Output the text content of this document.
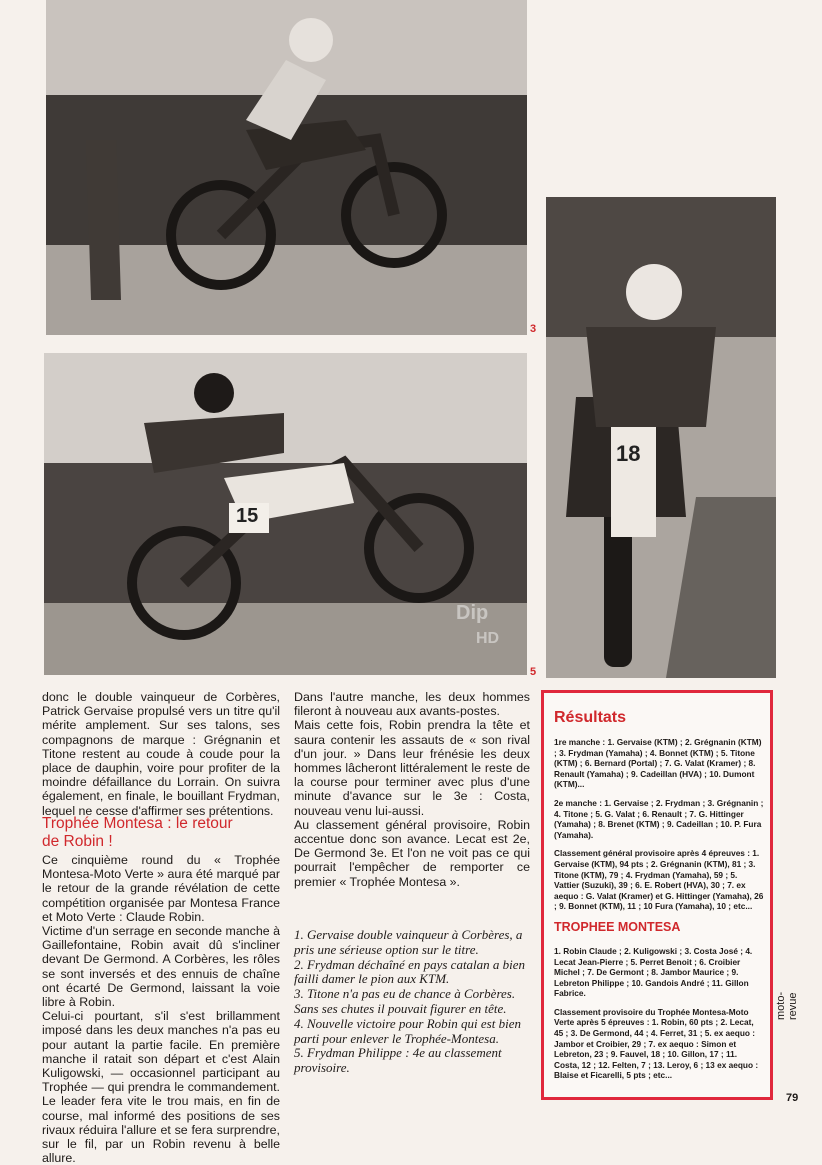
3
15
5
18
Dip
HD

donc le double vainqueur de Corbères, Patrick Gervaise propulsé vers un titre qu'il mérite amplement. Sur ses talons, ses compagnons de marque : Grégnanin et Titone restent au coude à coude pour la place de dauphin, voire pour profiter de la moindre défaillance du Lorrain. On suivra également, en finale, le bouillant Frydman, lequel ne cesse d'affirmer ses prétentions.

Trophée Montesa : le retour de Robin !

Ce cinquième round du « Trophée Montesa-Moto Verte » aura été marqué par le retour de la grande révélation de cette compétition organisée par Montesa France et Moto Verte : Claude Robin.

Victime d'un serrage en seconde manche à Gaillefontaine, Robin avait dû s'incliner devant De Germond. A Corbères, les rôles se sont inversés et des ennuis de chaîne ont écarté De Germond, laissant la voie libre à Robin.

Celui-ci pourtant, s'il s'est brillamment imposé dans les deux manches n'a pas eu pour autant la partie facile. En première manche il ratait son départ et c'est Alain Kuligowski, — occasionnel participant au Trophée — qui prendra le commandement. Le leader fera vite le trou mais, en fin de course, mal informé des positions de ses rivaux réduira l'allure et se fera surprendre, sur le fil, par un Robin revenu à belle allure.

Dans l'autre manche, les deux hommes fileront à nouveau aux avants-postes.

Mais cette fois, Robin prendra la tête et saura contenir les assauts de « son rival d'un jour. » Dans leur frénésie les deux hommes lâcheront littéralement le reste de la course pour terminer avec plus d'une minute d'avance sur le 3e : Costa, nouveau venu lui-aussi.

Au classement général provisoire, Robin accentue donc son avance. Lecat est 2e, De Germond 3e. Et l'on ne voit pas ce qui pourrait l'empêcher de remporter ce premier « Trophée Montesa ».

1. Gervaise double vainqueur à Corbères, a pris une sérieuse option sur le titre.

2. Frydman déchaîné en pays catalan a bien failli damer le pion aux KTM.

3. Titone n'a pas eu de chance à Corbères. Sans ses chutes il pouvait figurer en tête.

4. Nouvelle victoire pour Robin qui est bien parti pour enlever le Trophée-Montesa.

5. Frydman Philippe : 4e au classement provisoire.

Résultats

1re manche : 1. Gervaise (KTM) ; 2. Grégnanin (KTM) ; 3. Frydman (Yamaha) ; 4. Bonnet (KTM) ; 5. Titone (KTM) ; 6. Bernard (Portal) ; 7. G. Valat (Kramer) ; 8. Renault (Yamaha) ; 9. Cadeillan (HVA) ; 10. Dumont (KTM)...

2e manche : 1. Gervaise ; 2. Frydman ; 3. Grégnanin ; 4. Titone ; 5. G. Valat ; 6. Renault ; 7. G. Hittinger (Yamaha) ; 8. Brenet (KTM) ; 9. Cadeillan ; 10. P. Fura (Yamaha).

Classement général provisoire après 4 épreuves : 1. Gervaise (KTM), 94 pts ; 2. Grégnanin (KTM), 81 ; 3. Titone (KTM), 79 ; 4. Frydman (Yamaha), 59 ; 5. Vattier (Suzuki), 39 ; 6. E. Robert (HVA), 30 ; 7. ex aequo : G. Valat (Kramer) et G. Hittinger (Yamaha), 26 ; 9. Bonnet (KTM), 11 ; 10 Fura (Yamaha), 10 ; etc...

TROPHEE MONTESA

1. Robin Claude ; 2. Kuligowski ; 3. Costa José ; 4. Lecat Jean-Pierre ; 5. Perret Benoit ; 6. Croibier Michel ; 7. De Germont ; 8. Jambor Maurice ; 9. Lebreton Philippe ; 10. Gandois André ; 11. Gillon Fabrice.

Classement provisoire du Trophée Montesa-Moto Verte après 5 épreuves : 1. Robin, 60 pts ; 2. Lecat, 45 ; 3. De Germond, 44 ; 4. Ferret, 31 ; 5. ex aequo : Jambor et Croibier, 29 ; 7. ex aequo : Simon et Lebreton, 23 ; 9. Fauvel, 18 ; 10. Gillon, 17 ; 11. Costa, 12 ; 12. Felten, 7 ; 13. Leroy, 6 ; 13 ex aequo : Blaise et Ficarelli, 5 pts ; etc...

moto-revue
79
